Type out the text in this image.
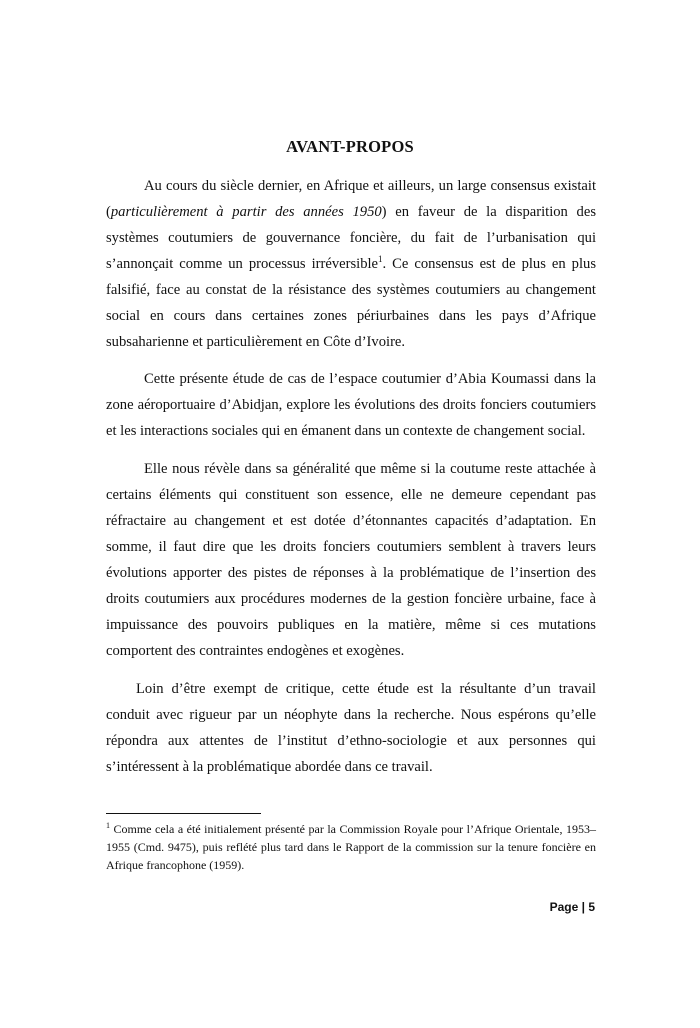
AVANT-PROPOS

Au cours du siècle dernier, en Afrique et ailleurs, un large consensus existait (particulièrement à partir des années 1950) en faveur de la disparition des systèmes coutumiers de gouvernance foncière, du fait de l’urbanisation qui s’annonçait comme un processus irréversible$^1$. Ce consensus est de plus en plus falsifié, face au constat de la résistance des systèmes coutumiers au changement social en cours dans certaines zones périurbaines dans les pays d’Afrique subsaharienne et particulièrement en Côte d’Ivoire.

Cette présente étude de cas de l’espace coutumier d’Abia Koumassi dans la zone aéroportuaire d’Abidjan, explore les évolutions des droits fonciers coutumiers et les interactions sociales qui en émanent dans un contexte de changement social.

Elle nous révèle dans sa généralité que même si la coutume reste attachée à certains éléments qui constituent son essence, elle ne demeure cependant pas réfractaire au changement et est dotée d’étonnantes capacités d’adaptation. En somme, il faut dire que les droits fonciers coutumiers semblent à travers leurs évolutions apporter des pistes de réponses à la problématique de l’insertion des droits coutumiers aux procédures modernes de la gestion foncière urbaine, face à impuissance des pouvoirs publiques en la matière, même si ces mutations comportent des contraintes endogènes et exogènes.

Loin d’être exempt de critique, cette étude est la résultante d’un travail conduit avec rigueur par un néophyte dans la recherche. Nous espérons qu’elle répondra aux attentes de l’institut d’ethno-sociologie et aux personnes qui s’intéressent à la problématique abordée dans ce travail.

$^1$ Comme cela a été initialement présenté par la Commission Royale pour l’Afrique Orientale, 1953–1955 (Cmd. 9475), puis reflété plus tard dans le Rapport de la commission sur la tenure foncière en Afrique francophone (1959).
Page | 5
